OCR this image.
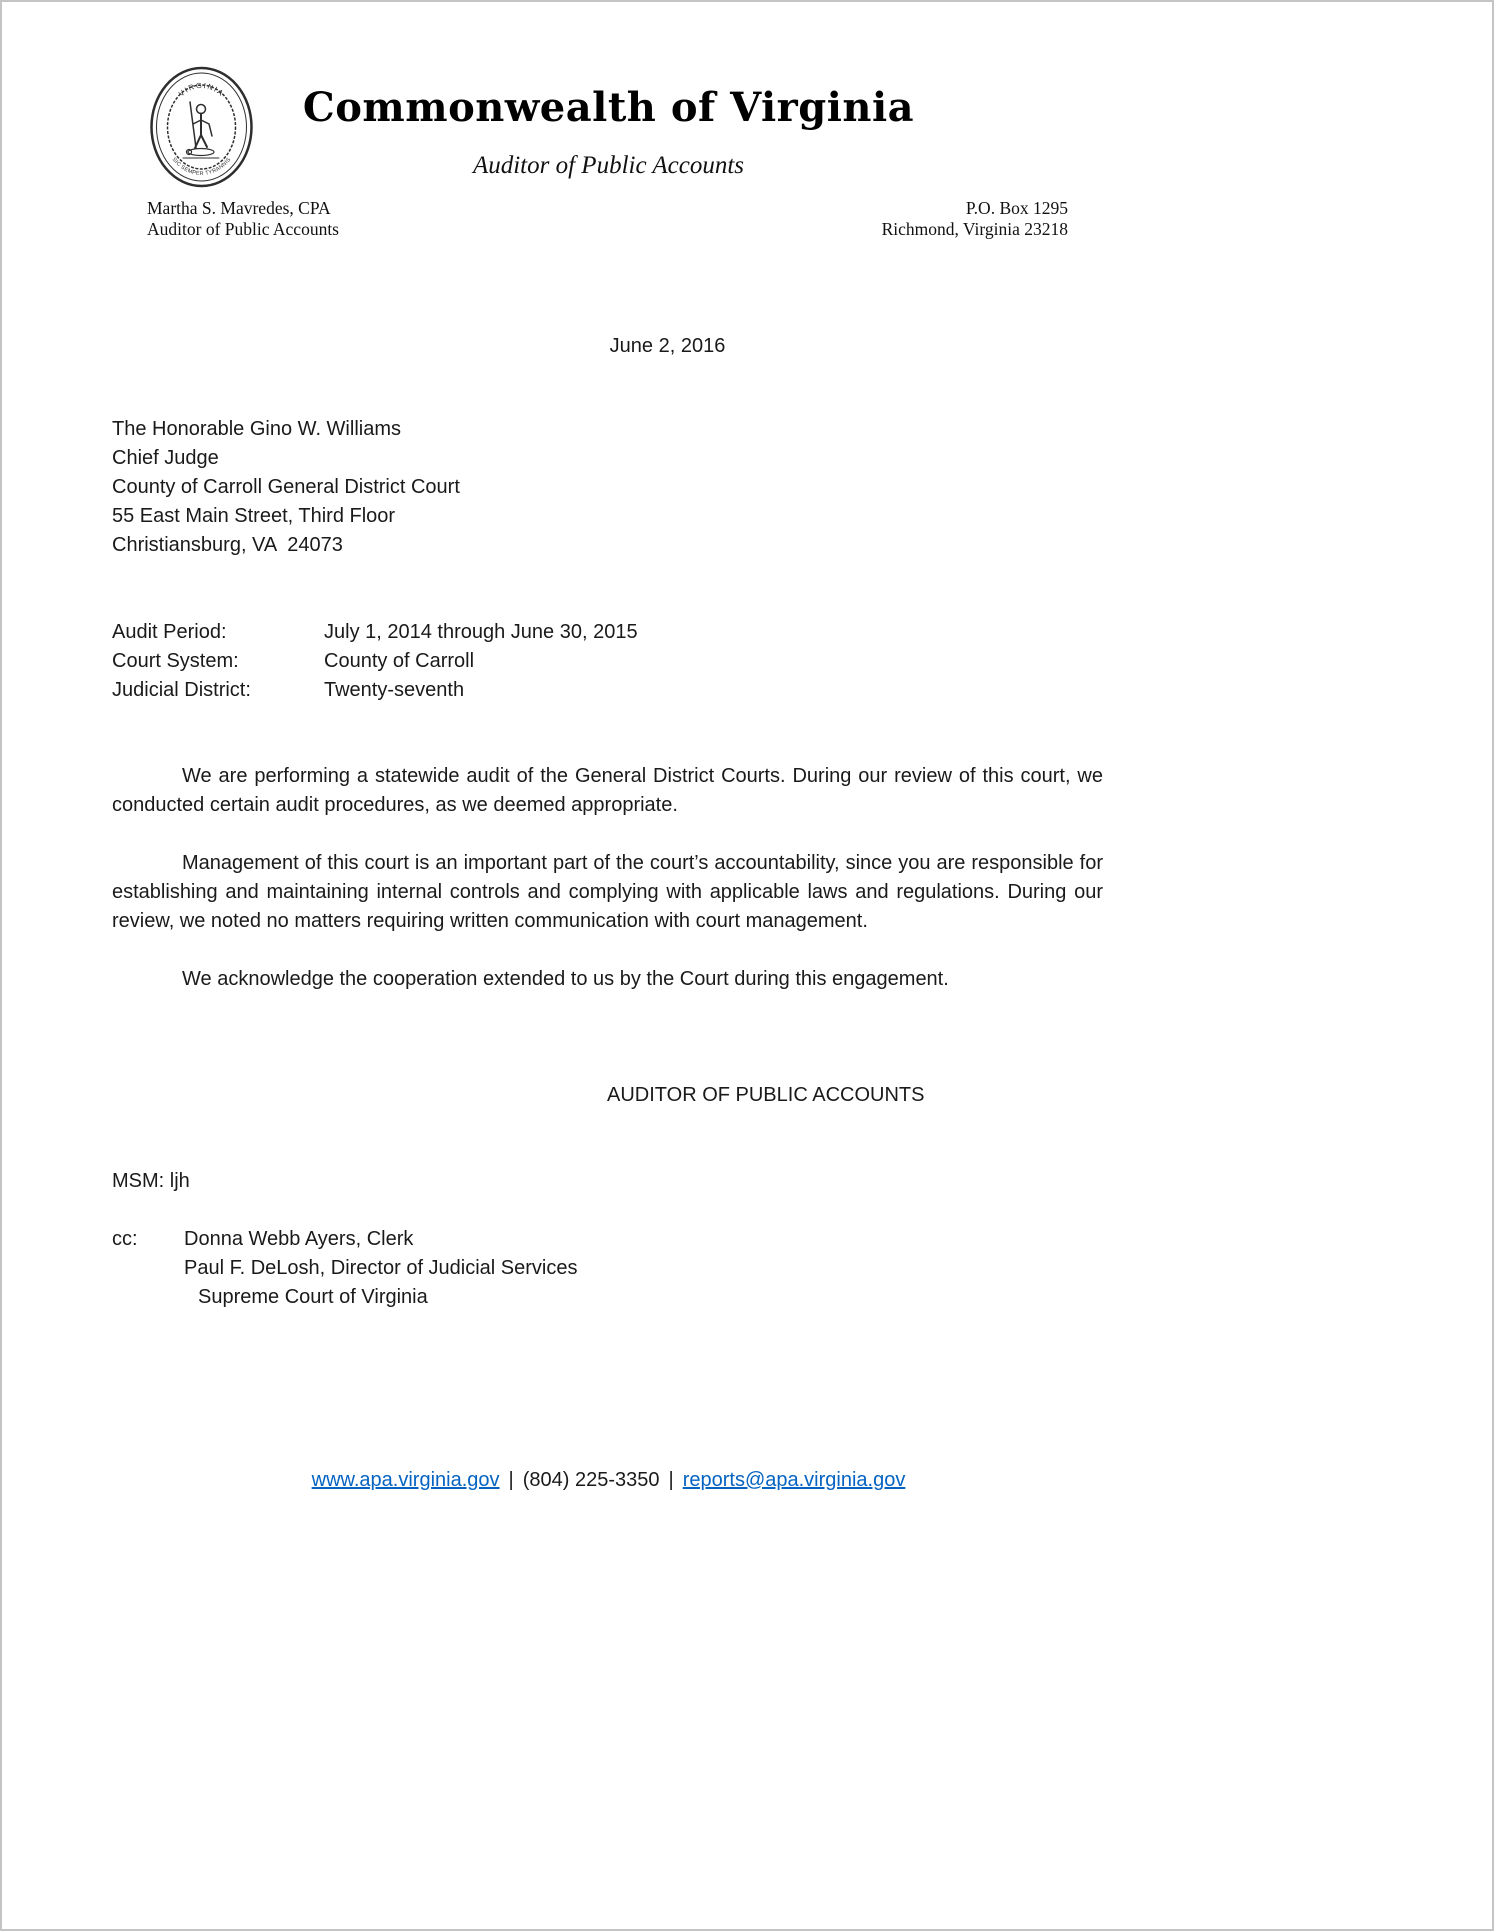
VIRGINIA
SIC SEMPER TYRANNIS
Commonwealth of Virginia
Auditor of Public Accounts
Martha S. Mavredes, CPA
Auditor of Public Accounts
P.O. Box 1295
Richmond, Virginia 23218
June 2, 2016
The Honorable Gino W. Williams
Chief Judge
County of Carroll General District Court
55 East Main Street, Third Floor
Christiansburg, VA  24073
Audit Period:	July 1, 2014 through June 30, 2015
Court System:	County of Carroll
Judicial District:	Twenty-seventh

We are performing a statewide audit of the General District Courts. During our review of this court, we conducted certain audit procedures, as we deemed appropriate.

Management of this court is an important part of the court’s accountability, since you are responsible for establishing and maintaining internal controls and complying with applicable laws and regulations. During our review, we noted no matters requiring written communication with court management.

We acknowledge the cooperation extended to us by the Court during this engagement.

AUDITOR OF PUBLIC ACCOUNTS
MSM: ljh
cc:	Donna Webb Ayers, Clerk
Paul F. DeLosh, Director of Judicial Services
Supreme Court of Virginia
www.apa.virginia.gov | (804) 225-3350 | reports@apa.virginia.gov
